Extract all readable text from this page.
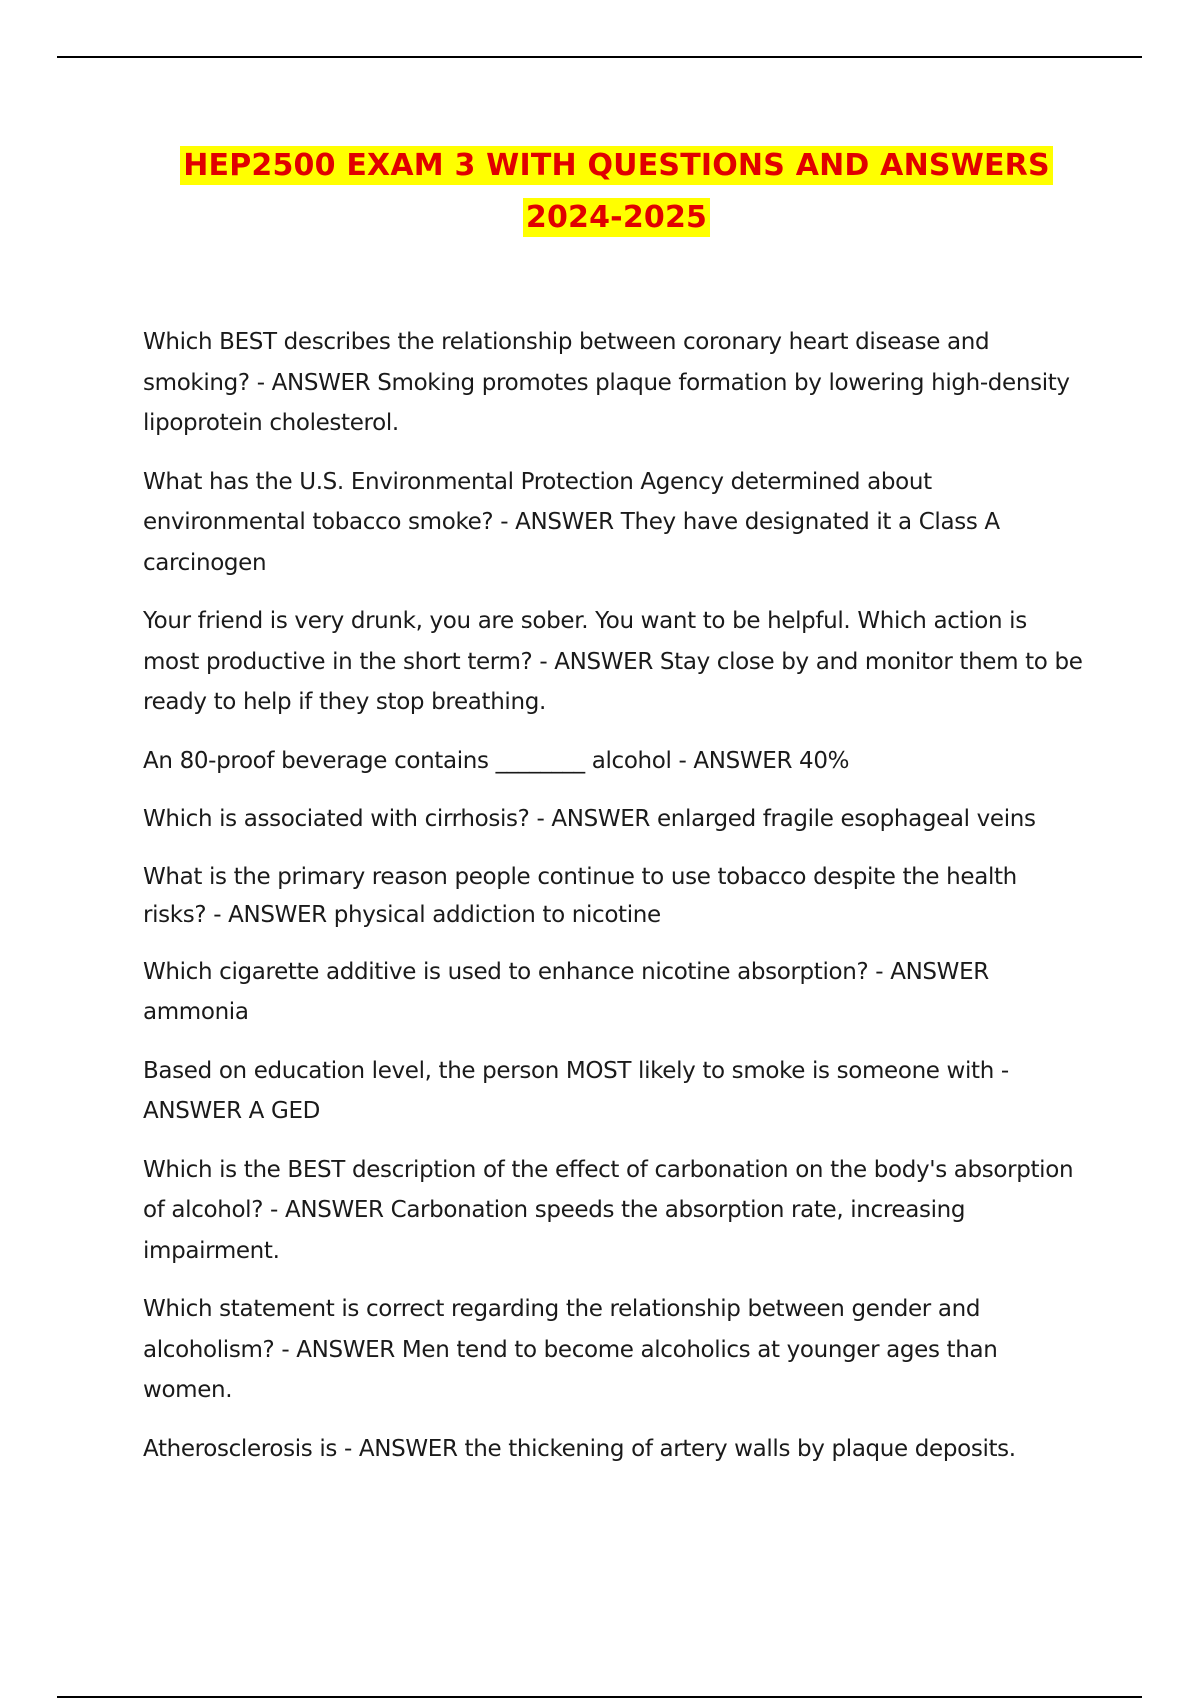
HEP2500 EXAM 3 WITH QUESTIONS AND ANSWERS
2024-2025
Which BEST describes the relationship between coronary heart disease and smoking? - ANSWER Smoking promotes plaque formation by lowering high-density lipoprotein cholesterol.
What has the U.S. Environmental Protection Agency determined about environmental tobacco smoke? - ANSWER They have designated it a Class A carcinogen
Your friend is very drunk, you are sober. You want to be helpful. Which action is most productive in the short term? - ANSWER Stay close by and monitor them to be ready to help if they stop breathing.
An 80-proof beverage contains ________ alcohol - ANSWER 40%
Which is associated with cirrhosis? - ANSWER enlarged fragile esophageal veins
What is the primary reason people continue to use tobacco despite the health risks? - ANSWER physical addiction to nicotine
Which cigarette additive is used to enhance nicotine absorption? - ANSWER ammonia
Based on education level, the person MOST likely to smoke is someone with - ANSWER A GED
Which is the BEST description of the effect of carbonation on the body's absorption of alcohol? - ANSWER Carbonation speeds the absorption rate, increasing impairment.
Which statement is correct regarding the relationship between gender and alcoholism? - ANSWER Men tend to become alcoholics at younger ages than women.
Atherosclerosis is - ANSWER the thickening of artery walls by plaque deposits.
